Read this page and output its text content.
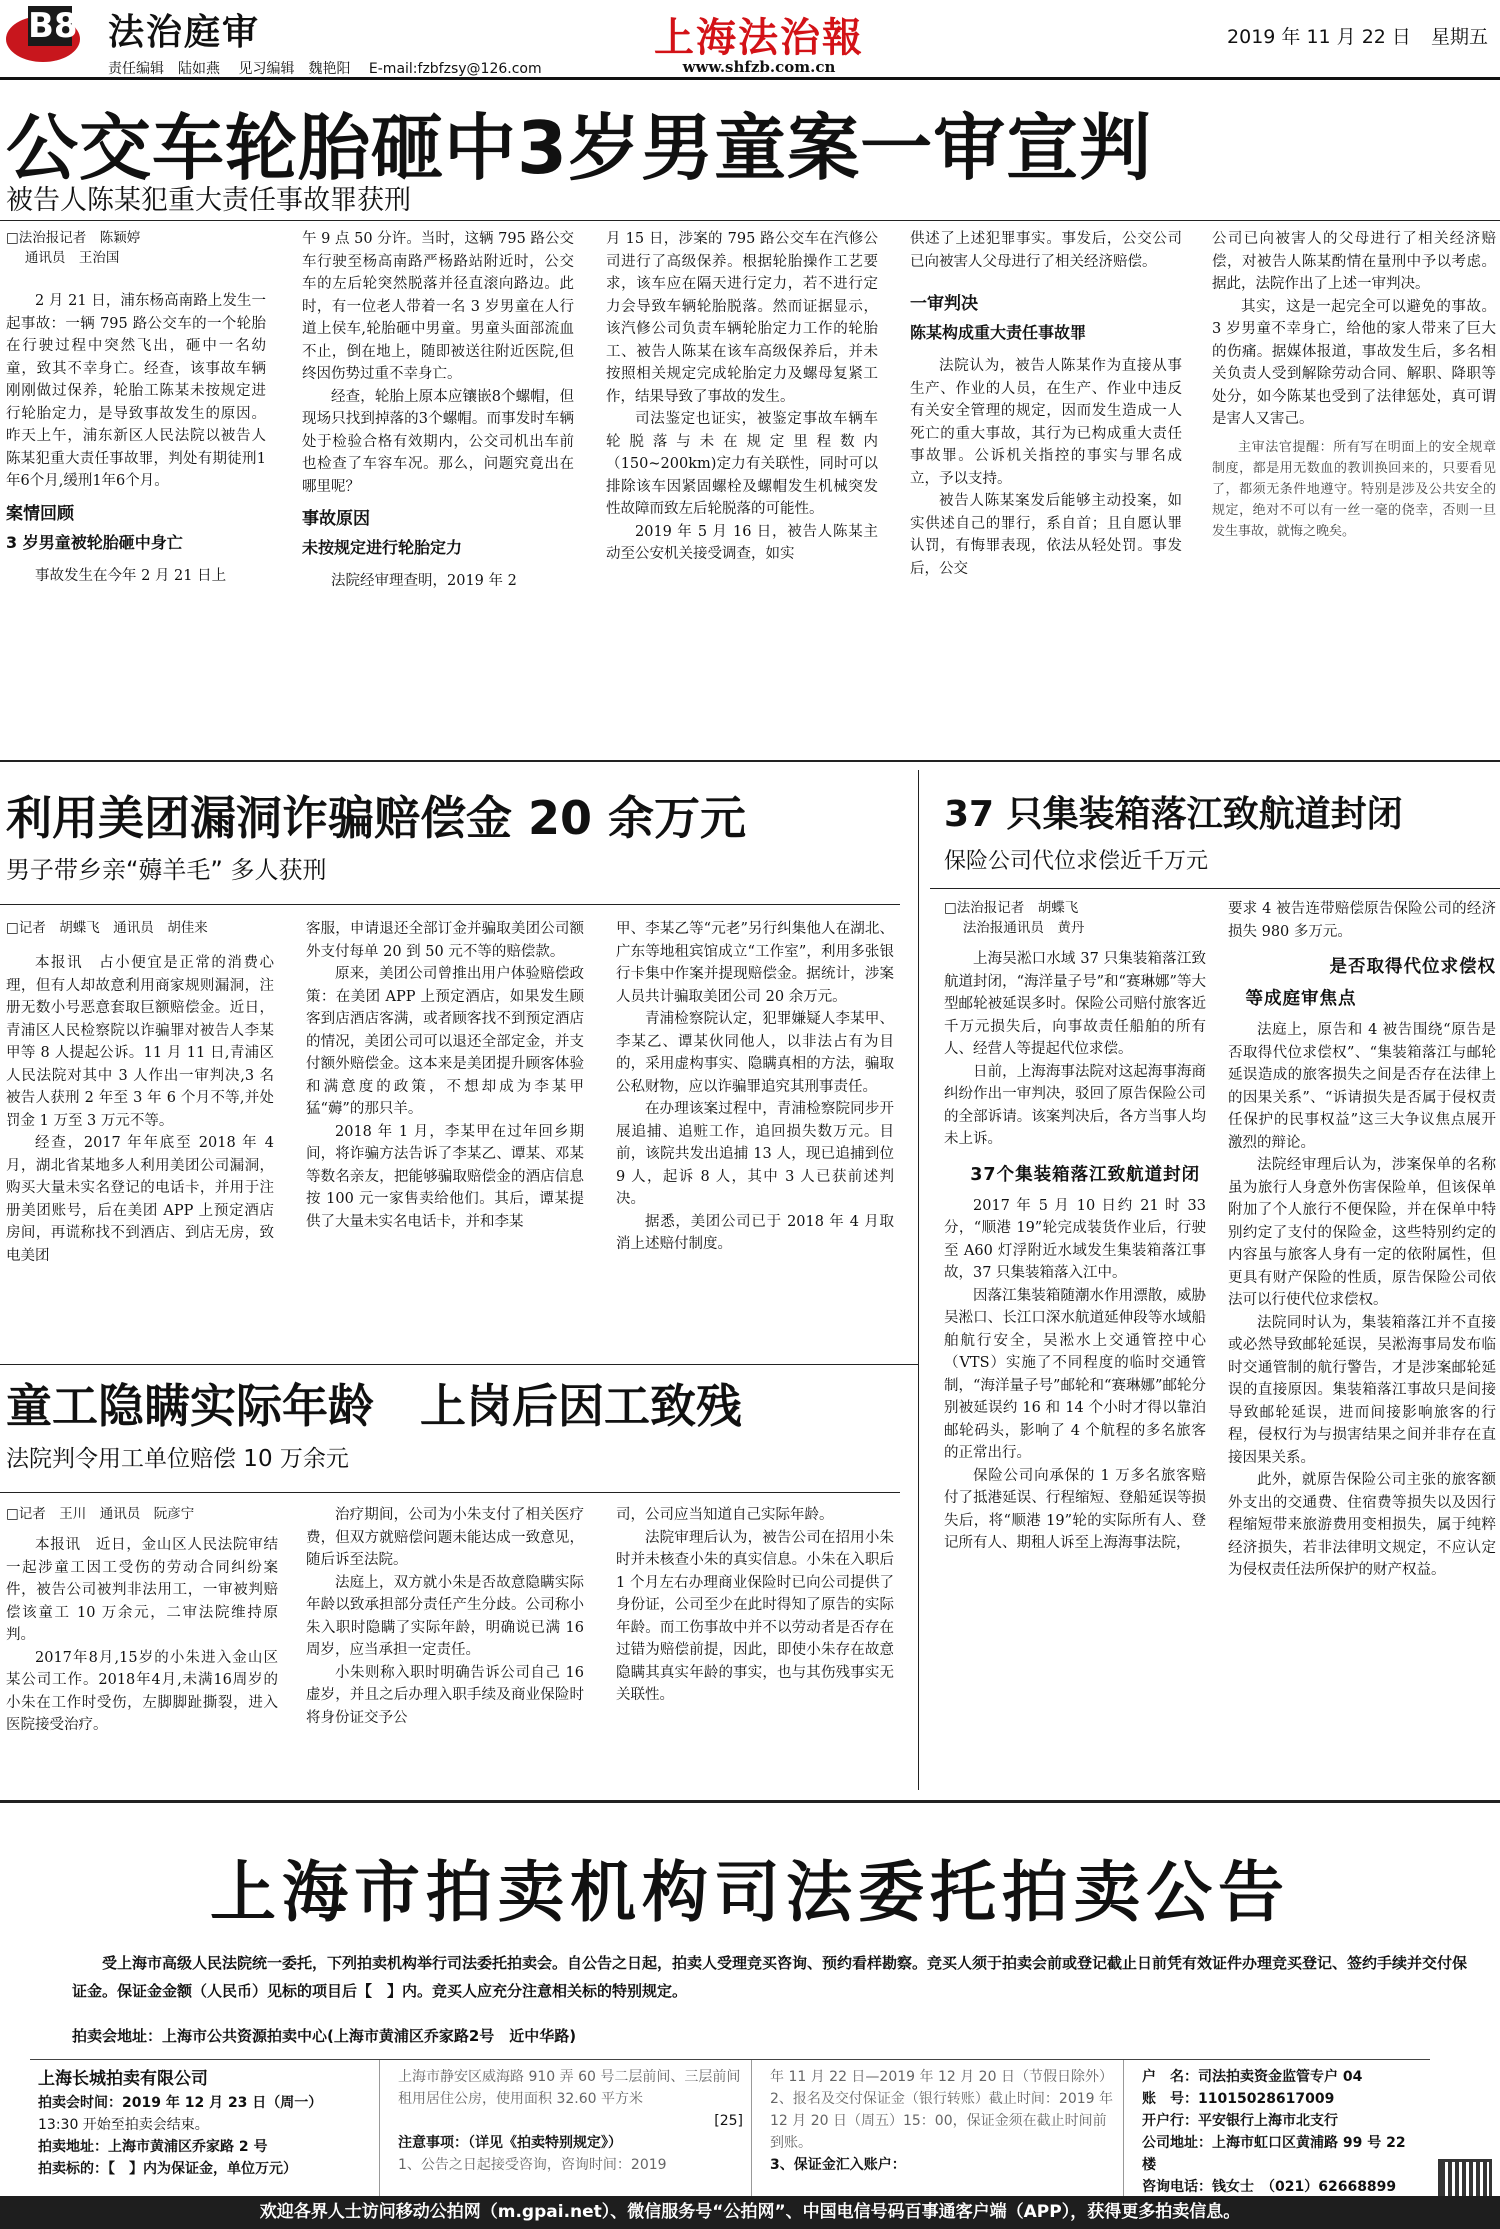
B8 法治庭审
责任编辑　陆如燕 见习编辑　魏艳阳 E-mail:fzbfzsy@126.com
上海法治報
www.shfzb.com.cn
2019 年 11 月 22 日 星期五
公交车轮胎砸中3岁男童案一审宣判
被告人陈某犯重大责任事故罪获刑

□法治报记者　陈颖婷

通讯员　王治国

2 月 21 日，浦东杨高南路上发生一起事故：一辆 795 路公交车的一个轮胎在行驶过程中突然飞出，砸中一名幼童，致其不幸身亡。经查，该事故车辆刚刚做过保养，轮胎工陈某未按规定进行轮胎定力，是导致事故发生的原因。昨天上午，浦东新区人民法院以被告人陈某犯重大责任事故罪，判处有期徒刑1年6个月,缓刑1年6个月。

案情回顾

3 岁男童被轮胎砸中身亡

事故发生在今年 2 月 21 日上

午 9 点 50 分许。当时，这辆 795 路公交车行驶至杨高南路严杨路站附近时，公交车的左后轮突然脱落并径直滚向路边。此时，有一位老人带着一名 3 岁男童在人行道上侯车,轮胎砸中男童。男童头面部流血不止，倒在地上，随即被送往附近医院,但终因伤势过重不幸身亡。

经查，轮胎上原本应镶嵌8个螺帽，但现场只找到掉落的3个螺帽。而事发时车辆处于检验合格有效期内，公交司机出车前也检查了车容车况。那么，问题究竟出在哪里呢？

事故原因

未按规定进行轮胎定力

法院经审理查明，2019 年 2

月 15 日，涉案的 795 路公交车在汽修公司进行了高级保养。根据轮胎操作工艺要求，该车应在隔天进行定力，若不进行定力会导致车辆轮胎脱落。然而证据显示，该汽修公司负责车辆轮胎定力工作的轮胎工、被告人陈某在该车高级保养后，并未按照相关规定完成轮胎定力及螺母复紧工作，结果导致了事故的发生。

司法鉴定也证实，被鉴定事故车辆车轮脱落与未在规定里程数内（150~200km)定力有关联性，同时可以排除该车因紧固螺栓及螺帽发生机械突发性故障而致左后轮脱落的可能性。

2019 年 5 月 16 日，被告人陈某主动至公安机关接受调查，如实

供述了上述犯罪事实。事发后，公交公司已向被害人父母进行了相关经济赔偿。

一审判决

陈某构成重大责任事故罪

法院认为，被告人陈某作为直接从事生产、作业的人员，在生产、作业中违反有关安全管理的规定，因而发生造成一人死亡的重大事故，其行为已构成重大责任事故罪。公诉机关指控的事实与罪名成立，予以支持。

被告人陈某案发后能够主动投案，如实供述自己的罪行，系自首；且自愿认罪认罚，有悔罪表现，依法从轻处罚。事发后，公交

公司已向被害人的父母进行了相关经济赔偿，对被告人陈某酌情在量刑中予以考虑。据此，法院作出了上述一审判决。

其实，这是一起完全可以避免的事故。3 岁男童不幸身亡，给他的家人带来了巨大的伤痛。据媒体报道，事故发生后，多名相关负责人受到解除劳动合同、解职、降职等处分，如今陈某也受到了法律惩处，真可谓是害人又害己。

主审法官提醒：所有写在明面上的安全规章制度，都是用无数血的教训换回来的，只要看见了，都须无条件地遵守。特别是涉及公共安全的规定，绝对不可以有一丝一毫的侥幸，否则一旦发生事故，就悔之晚矣。

利用美团漏洞诈骗赔偿金 20 余万元
男子带乡亲“薅羊毛” 多人获刑

□记者　胡蝶飞　通讯员　胡佳来

本报讯　占小便宜是正常的消费心理，但有人却故意利用商家规则漏洞，注册无数小号恶意套取巨额赔偿金。近日，青浦区人民检察院以诈骗罪对被告人李某甲等 8 人提起公诉。11 月 11 日,青浦区人民法院对其中 3 人作出一审判决,3 名被告人获刑 2 年至 3 年 6 个月不等,并处罚金 1 万至 3 万元不等。

经查，2017 年年底至 2018 年 4 月，湖北省某地多人利用美团公司漏洞，购买大量未实名登记的电话卡，并用于注册美团账号，后在美团 APP 上预定酒店房间，再谎称找不到酒店、到店无房，致电美团

客服，申请退还全部订金并骗取美团公司额外支付每单 20 到 50 元不等的赔偿款。

原来，美团公司曾推出用户体验赔偿政策：在美团 APP 上预定酒店，如果发生顾客到店酒店客满，或者顾客找不到预定酒店的情况，美团公司可以退还全部定金，并支付额外赔偿金。这本来是美团提升顾客体验和满意度的政策，不想却成为李某甲猛“薅”的那只羊。

2018 年 1 月，李某甲在过年回乡期间，将诈骗方法告诉了李某乙、谭某、邓某等数名亲友，把能够骗取赔偿金的酒店信息按 100 元一家售卖给他们。其后，谭某提供了大量未实名电话卡，并和李某

甲、李某乙等“元老”另行纠集他人在湖北、广东等地租宾馆成立“工作室”，利用多张银行卡集中作案并提现赔偿金。据统计，涉案人员共计骗取美团公司 20 余万元。

青浦检察院认定，犯罪嫌疑人李某甲、李某乙、谭某伙同他人，以非法占有为目的，采用虚构事实、隐瞒真相的方法，骗取公私财物，应以诈骗罪追究其刑事责任。

在办理该案过程中，青浦检察院同步开展追捕、追赃工作，追回损失数万元。目前，该院共发出追捕 13 人，现已追捕到位 9 人，起诉 8 人，其中 3 人已获前述判决。

据悉，美团公司已于 2018 年 4 月取消上述赔付制度。

37 只集装箱落江致航道封闭
保险公司代位求偿近千万元

□法治报记者　胡蝶飞

法治报通讯员　黄丹

上海吴淞口水域 37 只集装箱落江致航道封闭，“海洋量子号”和“赛琳娜”等大型邮轮被延误多时。保险公司赔付旅客近千万元损失后，向事故责任船舶的所有人、经营人等提起代位求偿。

日前，上海海事法院对这起海事海商纠纷作出一审判决，驳回了原告保险公司的全部诉请。该案判决后，各方当事人均未上诉。

37个集装箱落江致航道封闭

2017 年 5 月 10 日约 21 时 33 分，“顺港 19”轮完成装货作业后，行驶至 A60 灯浮附近水域发生集装箱落江事故，37 只集装箱落入江中。

因落江集装箱随潮水作用漂散，威胁吴淞口、长江口深水航道延伸段等水域船舶航行安全，吴淞水上交通管控中心（VTS）实施了不同程度的临时交通管制，“海洋量子号”邮轮和“赛琳娜”邮轮分别被延误约 16 和 14 个小时才得以靠泊邮轮码头，影响了 4 个航程的多名旅客的正常出行。

保险公司向承保的 1 万多名旅客赔付了抵港延误、行程缩短、登船延误等损失后，将“顺港 19”轮的实际所有人、登记所有人、期租人诉至上海海事法院，

要求 4 被告连带赔偿原告保险公司的经济损失 980 多万元。

是否取得代位求偿权

等成庭审焦点

法庭上，原告和 4 被告围绕“原告是否取得代位求偿权”、“集装箱落江与邮轮延误造成的旅客损失之间是否存在法律上的因果关系”、“诉请损失是否属于侵权责任保护的民事权益”这三大争议焦点展开激烈的辩论。

法院经审理后认为，涉案保单的名称虽为旅行人身意外伤害保险单，但该保单附加了个人旅行不便保险，并在保单中特别约定了支付的保险金，这些特别约定的内容虽与旅客人身有一定的依附属性，但更具有财产保险的性质，原告保险公司依法可以行使代位求偿权。

法院同时认为，集装箱落江并不直接或必然导致邮轮延误，吴淞海事局发布临时交通管制的航行警告，才是涉案邮轮延误的直接原因。集装箱落江事故只是间接导致邮轮延误，进而间接影响旅客的行程，侵权行为与损害结果之间并非存在直接因果关系。

此外，就原告保险公司主张的旅客额外支出的交通费、住宿费等损失以及因行程缩短带来旅游费用变相损失，属于纯粹经济损失，若非法律明文规定，不应认定为侵权责任法所保护的财产权益。

童工隐瞒实际年龄　上岗后因工致残
法院判令用工单位赔偿 10 万余元

□记者　王川　通讯员　阮彦宁

本报讯　近日，金山区人民法院审结一起涉童工因工受伤的劳动合同纠纷案件，被告公司被判非法用工，一审被判赔偿该童工 10 万余元，二审法院维持原判。

2017年8月,15岁的小朱进入金山区某公司工作。2018年4月,未满16周岁的小朱在工作时受伤，左脚脚趾撕裂，进入医院接受治疗。

治疗期间，公司为小朱支付了相关医疗费，但双方就赔偿问题未能达成一致意见，随后诉至法院。

法庭上，双方就小朱是否故意隐瞒实际年龄以致承担部分责任产生分歧。公司称小朱入职时隐瞒了实际年龄，明确说已满 16 周岁，应当承担一定责任。

小朱则称入职时明确告诉公司自己 16 虚岁，并且之后办理入职手续及商业保险时将身份证交予公

司，公司应当知道自己实际年龄。

法院审理后认为，被告公司在招用小朱时并未核查小朱的真实信息。小朱在入职后 1 个月左右办理商业保险时已向公司提供了身份证，公司至少在此时得知了原告的实际年龄。而工伤事故中并不以劳动者是否存在过错为赔偿前提，因此，即使小朱存在故意隐瞒其真实年龄的事实，也与其伤残事实无关联性。

上海市拍卖机构司法委托拍卖公告

受上海市高级人民法院统一委托，下列拍卖机构举行司法委托拍卖会。自公告之日起，拍卖人受理竞买咨询、预约看样勘察。竞买人须于拍卖会前或登记截止日前凭有效证件办理竞买登记、签约手续并交付保证金。保证金金额（人民币）见标的项目后【　】内。竞买人应充分注意相关标的特别规定。

拍卖会地址：上海市公共资源拍卖中心(上海市黄浦区乔家路2号　近中华路)
上海长城拍卖有限公司
拍卖会时间：2019 年 12 月 23 日（周一）
13:30 开始至拍卖会结束。
拍卖地址：上海市黄浦区乔家路 2 号
拍卖标的：【　】内为保证金，单位万元）
上海市静安区威海路 910 弄 60 号二层前间、三层前间租用居住公房，使用面积 32.60 平方米
[25]
注意事项：（详见《拍卖特别规定》）
1、公告之日起接受咨询，咨询时间：2019
年 11 月 22 日—2019 年 12 月 20 日（节假日除外）
2、报名及交付保证金（银行转账）截止时间：2019 年 12 月 20 日（周五）15：00，保证金须在截止时间前到账。
3、保证金汇入账户：
户　名：司法拍卖资金监管专户 04
账　号：11015028617009
开户行：平安银行上海市北支行
公司地址：上海市虹口区黄浦路 99 号 22 楼
咨询电话：钱女士　（021）62668899
欢迎各界人士访问移动公拍网（m.gpai.net）、微信服务号“公拍网”、中国电信号码百事通客户端（APP），获得更多拍卖信息。
